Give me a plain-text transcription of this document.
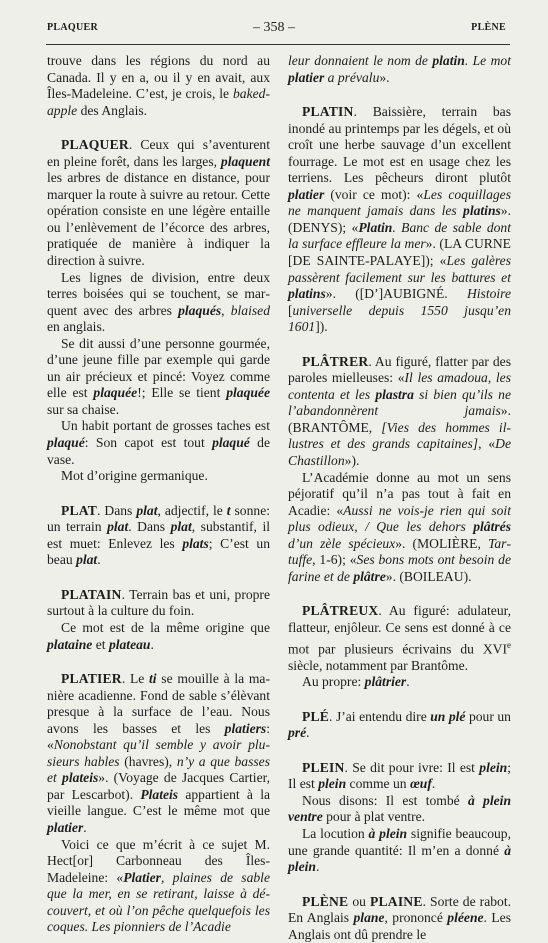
PLAQUER	– 358 –	PLÈNE

trouve dans les régions du nord au Canada. Il y en a, ou il y en avait, aux Îles-Madeleine. C’est, je crois, le baked-apple des Anglais.

PLAQUER. Ceux qui s’aventurent en pleine forêt, dans les larges, plaquent les arbres de distance en distance, pour marquer la route à suivre au retour. Cette opération consiste en une légère entaille ou l’enlèvement de l’écorce des arbres, pratiquée de manière à indiquer la direction à suivre.

Les lignes de division, entre deux terres boisées qui se touchent, se marquent avec des arbres plaqués, blaised en anglais.

Se dit aussi d’une personne gourmée, d’une jeune fille par exemple qui garde un air précieux et pincé: Voyez comme elle est plaquée!; Elle se tient plaquée sur sa chaise.

Un habit portant de grosses taches est plaqué: Son capot est tout plaqué de vase.

Mot d’origine germanique.

PLAT. Dans plat, adjectif, le t sonne: un terrain plat. Dans plat, substantif, il est muet: Enlevez les plats; C’est un beau plat.

PLATAIN. Terrain bas et uni, propre surtout à la culture du foin.

Ce mot est de la même origine que plataine et plateau.

PLATIER. Le ti se mouille à la manière acadienne. Fond de sable s’élèvant presque à la surface de l’eau. Nous avons les basses et les platiers: «Nonobstant qu’il semble y avoir plusieurs hables (havres), n’y a que basses et plateis». (Voyage de Jacques Cartier, par Lescarbot). Plateis appartient à la vieille langue. C’est le même mot que platier.

Voici ce que m’écrit à ce sujet M. Hect[or] Carbonneau des Îles-Madeleine: «Platier, plaines de sable que la mer, en se retirant, laisse à découvert, et où l’on pêche quelquefois les coques. Les pionniers de l’Acadie

leur donnaient le nom de platin. Le mot platier a prévalu».

PLATIN. Baissière, terrain bas inondé au printemps par les dégels, et où croît une herbe sauvage d’un excellent fourrage. Le mot est en usage chez les terriens. Les pêcheurs diront plutôt platier (voir ce mot): «Les coquillages ne manquent jamais dans les platins». (DENYS); «Platin. Banc de sable dont la surface effleure la mer». (LA CURNE [DE SAINTE-PALAYE]); «Les galères passèrent facilement sur les battures et platins». ([D’]AUBIGNÉ. Histoire [universelle depuis 1550 jusqu’en 1601]).

PLÂTRER. Au figuré, flatter par des paroles mielleuses: «Il les amadoua, les contenta et les plastra si bien qu’ils ne l’abandonnèrent jamais». (BRANTÔME, [Vies des hommes illustres et des grands capitaines], «De Chastillon»).

L’Académie donne au mot un sens péjoratif qu’il n’a pas tout à fait en Acadie: «Aussi ne vois-je rien qui soit plus odieux, / Que les dehors plâtrés d’un zèle spécieux». (MOLIÈRE, Tartuffe, 1-6); «Ses bons mots ont besoin de farine et de plâtre». (BOILEAU).

PLÂTREUX. Au figuré: adulateur, flatteur, enjôleur. Ce sens est donné à ce mot par plusieurs écrivains du XVIe siècle, notamment par Brantôme.

Au propre: plâtrier.

PLÉ. J’ai entendu dire un plé pour un pré.

PLEIN. Se dit pour ivre: Il est plein; Il est plein comme un œuf.

Nous disons: Il est tombé à plein ventre pour à plat ventre.

La locution à plein signifie beaucoup, une grande quantité: Il m’en a donné à plein.

PLÈNE ou PLAINE. Sorte de rabot. En Anglais plane, prononcé pléene. Les Anglais ont dû prendre le
